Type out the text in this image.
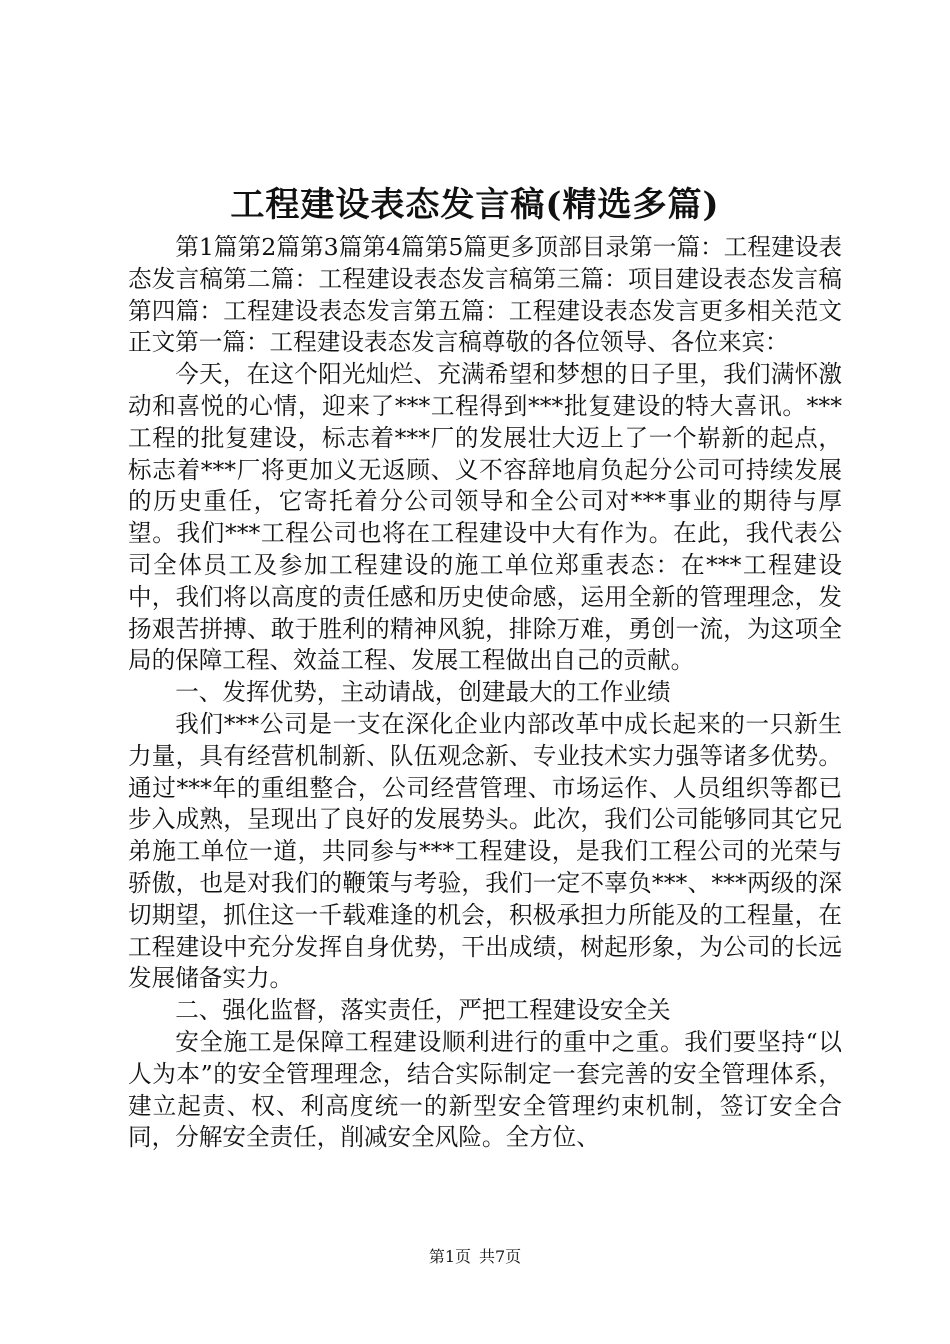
工程建设表态发言稿(精选多篇)

第1篇第2篇第3篇第4篇第5篇更多顶部目录第一篇：工程建设表态发言稿第二篇：工程建设表态发言稿第三篇：项目建设表态发言稿第四篇：工程建设表态发言第五篇：工程建设表态发言更多相关范文正文第一篇：工程建设表态发言稿尊敬的各位领导、各位来宾：

今天，在这个阳光灿烂、充满希望和梦想的日子里，我们满怀激动和喜悦的心情，迎来了***工程得到***批复建设的特大喜讯。***工程的批复建设，标志着***厂的发展壮大迈上了一个崭新的起点，标志着***厂将更加义无返顾、义不容辞地肩负起分公司可持续发展的历史重任，它寄托着分公司领导和全公司对***事业的期待与厚望。我们***工程公司也将在工程建设中大有作为。在此，我代表公司全体员工及参加工程建设的施工单位郑重表态：在***工程建设中，我们将以高度的责任感和历史使命感，运用全新的管理理念，发扬艰苦拼搏、敢于胜利的精神风貌，排除万难，勇创一流，为这项全局的保障工程、效益工程、发展工程做出自己的贡献。

一、发挥优势，主动请战，创建最大的工作业绩

我们***公司是一支在深化企业内部改革中成长起来的一只新生力量，具有经营机制新、队伍观念新、专业技术实力强等诸多优势。通过***年的重组整合，公司经营管理、市场运作、人员组织等都已步入成熟，呈现出了良好的发展势头。此次，我们公司能够同其它兄弟施工单位一道，共同参与***工程建设，是我们工程公司的光荣与骄傲，也是对我们的鞭策与考验，我们一定不辜负***、***两级的深切期望，抓住这一千载难逢的机会，积极承担力所能及的工程量，在工程建设中充分发挥自身优势，干出成绩，树起形象，为公司的长远发展储备实力。

二、强化监督，落实责任，严把工程建设安全关

安全施工是保障工程建设顺利进行的重中之重。我们要坚持“以人为本”的安全管理理念，结合实际制定一套完善的安全管理体系，建立起责、权、利高度统一的新型安全管理约束机制，签订安全合同，分解安全责任，削减安全风险。全方位、

第1页 共7页
